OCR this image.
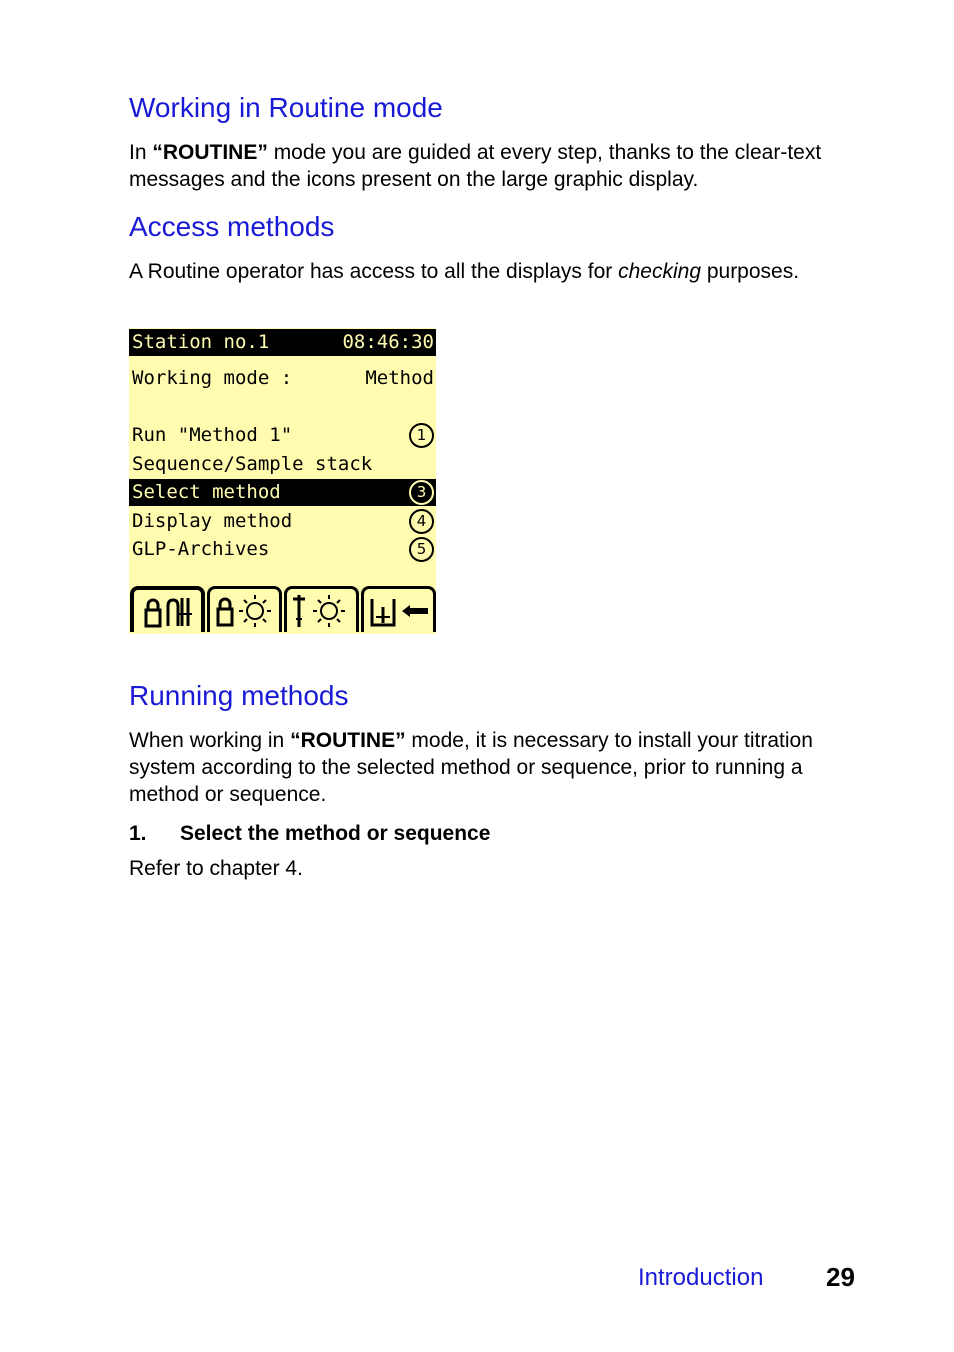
Working in Routine mode

In “ROUTINE” mode you are guided at every step, thanks to the clear-text messages and the icons present on the large graphic display.

Access methods

A Routine operator has access to all the displays for checking purposes.

Station no.1	08:46:30
Working mode :	Method
Run "Method 1"	1
Sequence/Sample stack
Select method	3
Display method	4
GLP-Archives	5
Running methods

When working in “ROUTINE” mode, it is necessary to install your titration system according to the selected method or sequence, prior to running a method or sequence.

1. Select the method or sequence

Refer to chapter 4.

Introduction 29
